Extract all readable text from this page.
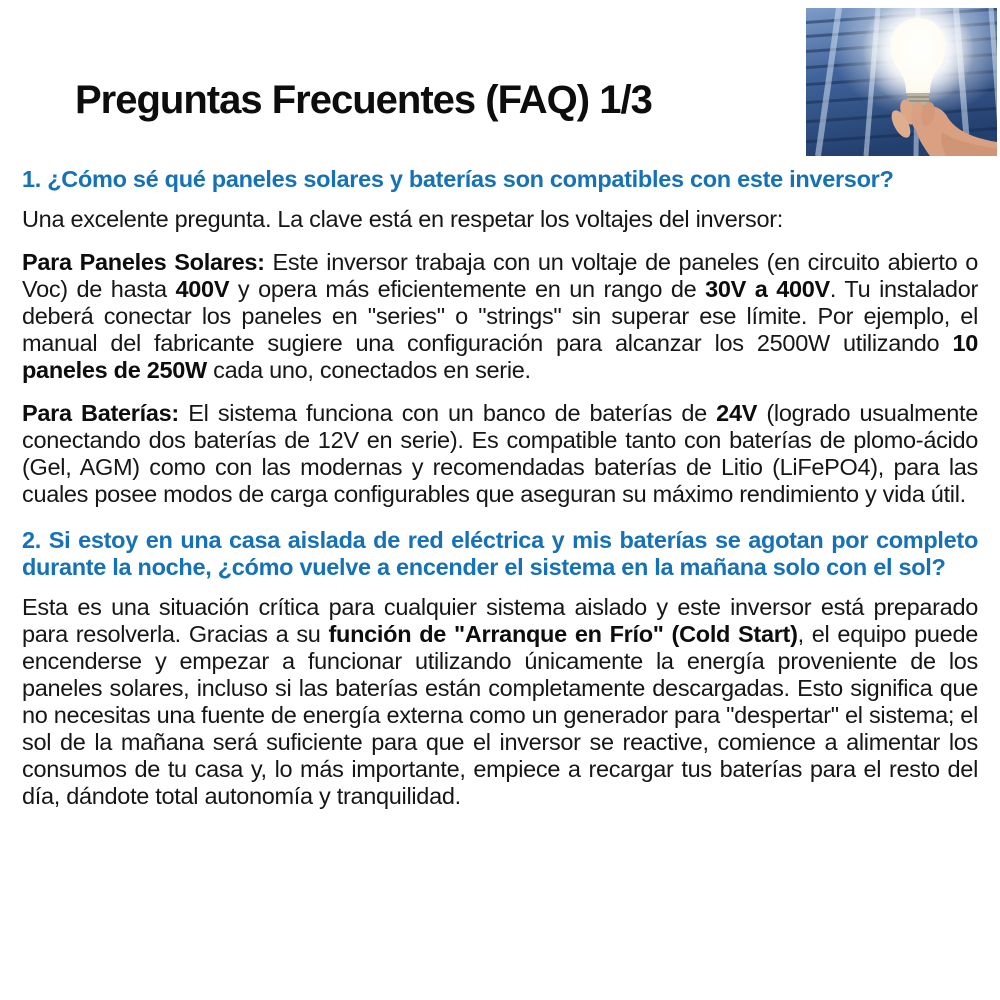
Preguntas Frecuentes (FAQ) 1/3

1. ¿Cómo sé qué paneles solares y baterías son compatibles con este inversor?

Una excelente pregunta. La clave está en respetar los voltajes del inversor:

Para Paneles Solares: Este inversor trabaja con un voltaje de paneles (en circuito abierto o Voc) de hasta 400V y opera más eficientemente en un rango de 30V a 400V. Tu instalador deberá conectar los paneles en "series" o "strings" sin superar ese límite. Por ejemplo, el manual del fabricante sugiere una configuración para alcanzar los 2500W utilizando 10 paneles de 250W cada uno, conectados en serie.

Para Baterías: El sistema funciona con un banco de baterías de 24V (logrado usualmente conectando dos baterías de 12V en serie). Es compatible tanto con baterías de plomo-ácido (Gel, AGM) como con las modernas y recomendadas baterías de Litio (LiFePO4), para las cuales posee modos de carga configurables que aseguran su máximo rendimiento y vida útil.

2. Si estoy en una casa aislada de red eléctrica y mis baterías se agotan por completo durante la noche, ¿cómo vuelve a encender el sistema en la mañana solo con el sol?

Esta es una situación crítica para cualquier sistema aislado y este inversor está preparado para resolverla. Gracias a su función de "Arranque en Frío" (Cold Start), el equipo puede encenderse y empezar a funcionar utilizando únicamente la energía proveniente de los paneles solares, incluso si las baterías están completamente descargadas. Esto significa que no necesitas una fuente de energía externa como un generador para "despertar" el sistema; el sol de la mañana será suficiente para que el inversor se reactive, comience a alimentar los consumos de tu casa y, lo más importante, empiece a recargar tus baterías para el resto del día, dándote total autonomía y tranquilidad.
